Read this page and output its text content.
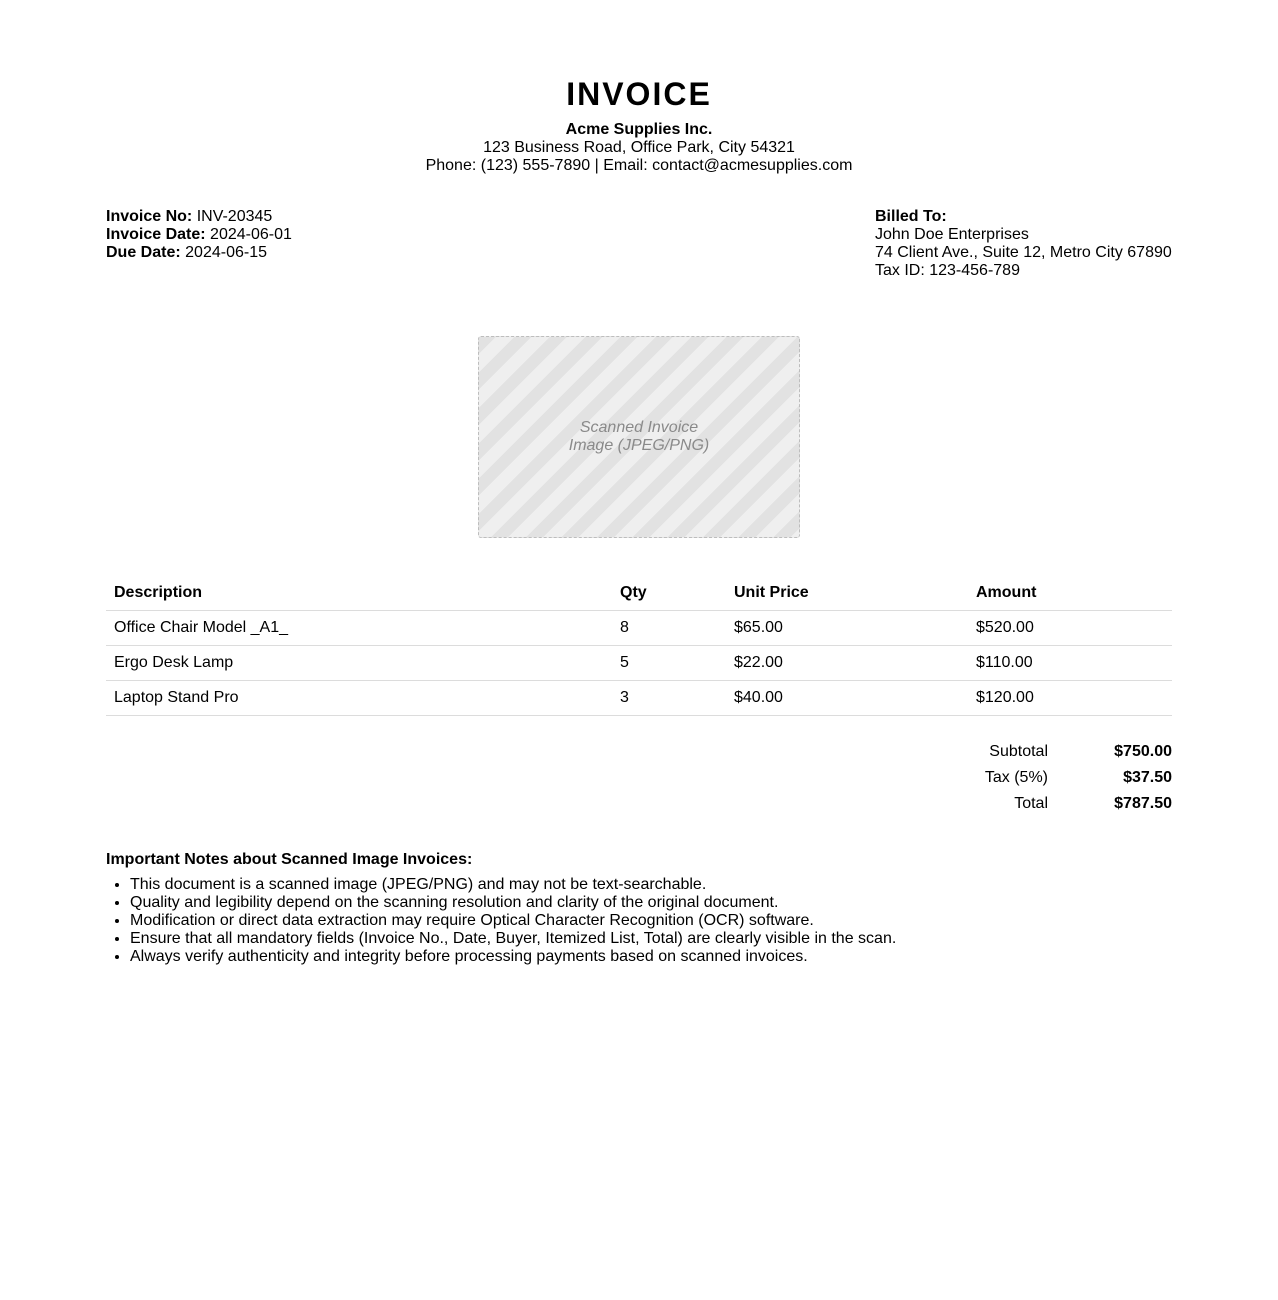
INVOICE
Acme Supplies Inc.
123 Business Road, Office Park, City 54321
Phone: (123) 555-7890 | Email: contact@acmesupplies.com
Invoice No: INV-20345
Invoice Date: 2024-06-01
Due Date: 2024-06-15
Billed To:
John Doe Enterprises
74 Client Ave., Suite 12, Metro City 67890
Tax ID: 123-456-789
Scanned Invoice Image (JPEG/PNG)
Description	Qty	Unit Price	Amount
Office Chair Model _A1_	8	$65.00	$520.00
Ergo Desk Lamp	5	$22.00	$110.00
Laptop Stand Pro	3	$40.00	$120.00
Subtotal	$750.00
Tax (5%)	$37.50
Total	$787.50
Important Notes about Scanned Image Invoices:
• This document is a scanned image (JPEG/PNG) and may not be text-searchable.
• Quality and legibility depend on the scanning resolution and clarity of the original document.
• Modification or direct data extraction may require Optical Character Recognition (OCR) software.
• Ensure that all mandatory fields (Invoice No., Date, Buyer, Itemized List, Total) are clearly visible in the scan.
• Always verify authenticity and integrity before processing payments based on scanned invoices.
